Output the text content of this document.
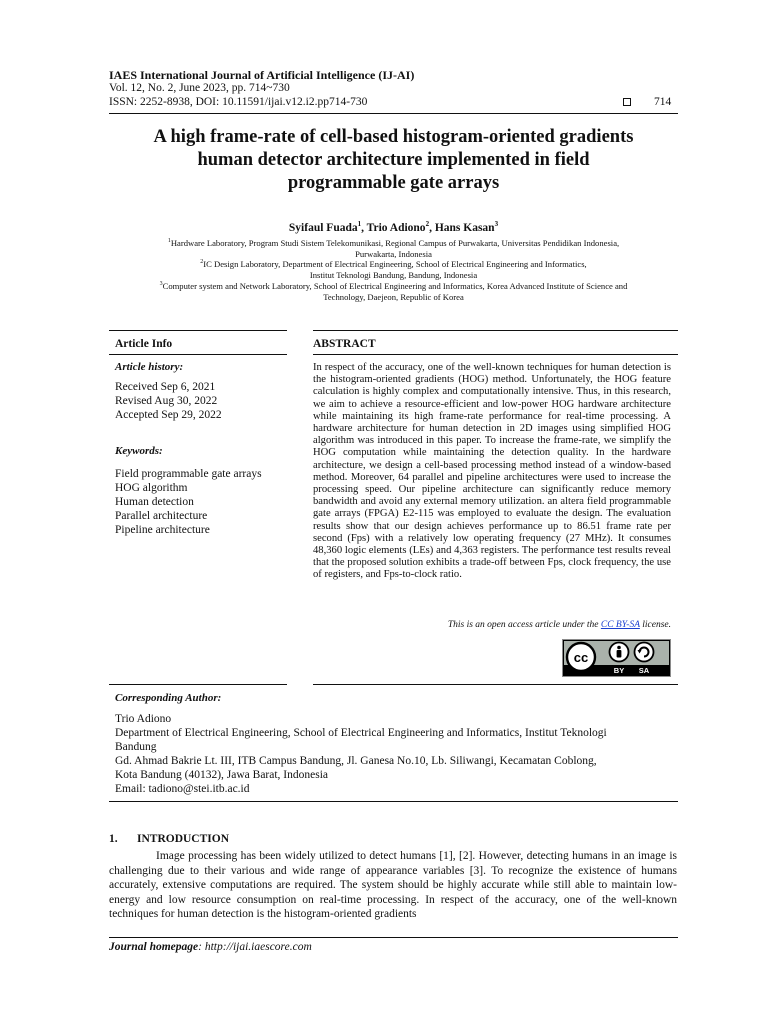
IAES International Journal of Artificial Intelligence (IJ-AI)
Vol. 12, No. 2, June 2023, pp. 714~730
ISSN: 2252-8938, DOI: 10.11591/ijai.v12.i2.pp714-730	714
A high frame-rate of cell-based histogram-oriented gradients
human detector architecture implemented in field
programmable gate arrays
Syifaul Fuada$^1$, Trio Adiono$^2$, Hans Kasan$^3$
$^1$Hardware Laboratory, Program Studi Sistem Telekomunikasi, Regional Campus of Purwakarta, Universitas Pendidikan Indonesia,
Purwakarta, Indonesia
$^2$IC Design Laboratory, Department of Electrical Engineering, School of Electrical Engineering and Informatics,
Institut Teknologi Bandung, Bandung, Indonesia
$^3$Computer system and Network Laboratory, School of Electrical Engineering and Informatics, Korea Advanced Institute of Science and
Technology, Daejeon, Republic of Korea
Article Info
Article history:
Received Sep 6, 2021
Revised Aug 30, 2022
Accepted Sep 29, 2022
Keywords:
Field programmable gate arrays
HOG algorithm
Human detection
Parallel architecture
Pipeline architecture
ABSTRACT

In respect of the accuracy, one of the well-known techniques for human detection is the histogram-oriented gradients (HOG) method. Unfortunately, the HOG feature calculation is highly complex and computationally intensive. Thus, in this research, we aim to achieve a resource-efficient and low-power HOG hardware architecture while maintaining its high frame-rate performance for real-time processing. A hardware architecture for human detection in 2D images using simplified HOG algorithm was introduced in this paper. To increase the frame-rate, we simplify the HOG computation while maintaining the detection quality. In the hardware architecture, we design a cell-based processing method instead of a window-based method. Moreover, 64 parallel and pipeline architectures were used to increase the processing speed. Our pipeline architecture can significantly reduce memory bandwidth and avoid any external memory utilization. an altera field programmable gate arrays (FPGA) E2-115 was employed to evaluate the design. The evaluation results show that our design achieves performance up to 86.51 frame rate per second (Fps) with a relatively low operating frequency (27 MHz). It consumes 48,360 logic elements (LEs) and 4,363 registers. The performance test results reveal that the proposed solution exhibits a trade-off between Fps, clock frequency, the use of registers, and Fps-to-clock ratio.

This is an open access article under the CC BY-SA license.
cc
BY SA
Corresponding Author:
Trio Adiono
Department of Electrical Engineering, School of Electrical Engineering and Informatics, Institut Teknologi
Bandung
Gd. Ahmad Bakrie Lt. III, ITB Campus Bandung, Jl. Ganesa No.10, Lb. Siliwangi, Kecamatan Coblong,
Kota Bandung (40132), Jawa Barat, Indonesia
Email: tadiono@stei.itb.ac.id
1. INTRODUCTION
Image processing has been widely utilized to detect humans [1], [2]. However, detecting humans in an image is challenging due to their various and wide range of appearance variables [3]. To recognize the existence of humans accurately, extensive computations are required. The system should be highly accurate while still able to maintain low-energy and low resource consumption on real-time processing. In respect of the accuracy, one of the well-known techniques for human detection is the histogram-oriented gradients
Journal homepage: http://ijai.iaescore.com
